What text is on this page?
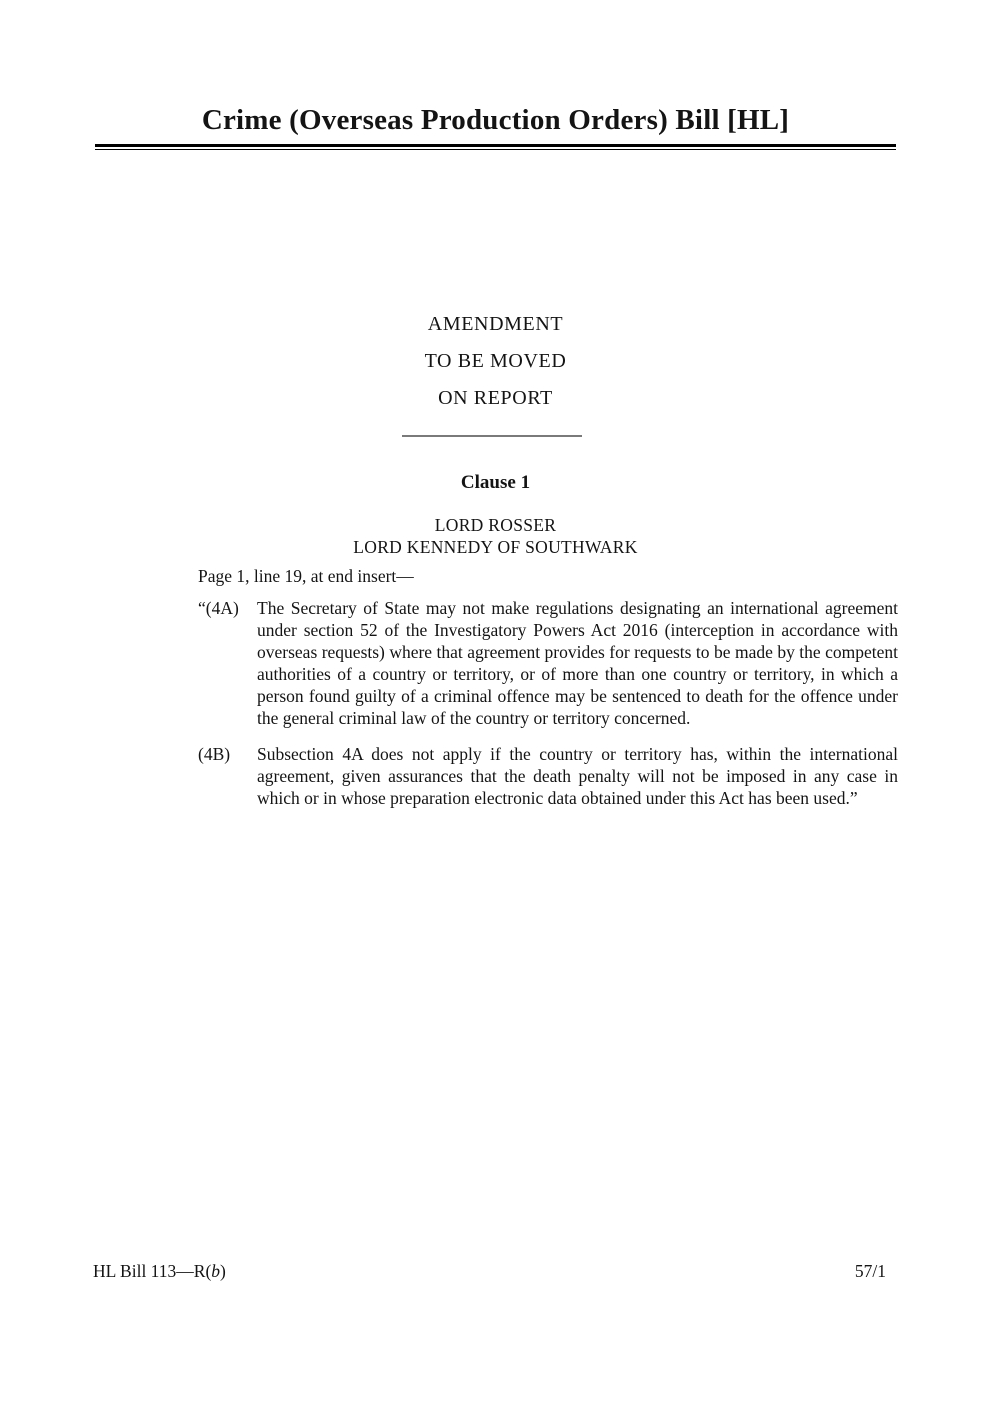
Crime (Overseas Production Orders) Bill [HL]
AMENDMENT
TO BE MOVED
ON REPORT
Clause 1
LORD ROSSER
LORD KENNEDY OF SOUTHWARK
Page 1, line 19, at end insert—
“(4A)	The Secretary of State may not make regulations designating an international agreement under section 52 of the Investigatory Powers Act 2016 (interception in accordance with overseas requests) where that agreement provides for requests to be made by the competent authorities of a country or territory, or of more than one country or territory, in which a person found guilty of a criminal offence may be sentenced to death for the offence under the general criminal law of the country or territory concerned.
(4B)	Subsection 4A does not apply if the country or territory has, within the international agreement, given assurances that the death penalty will not be imposed in any case in which or in whose preparation electronic data obtained under this Act has been used.”
HL Bill 113—R(b)	57/1
